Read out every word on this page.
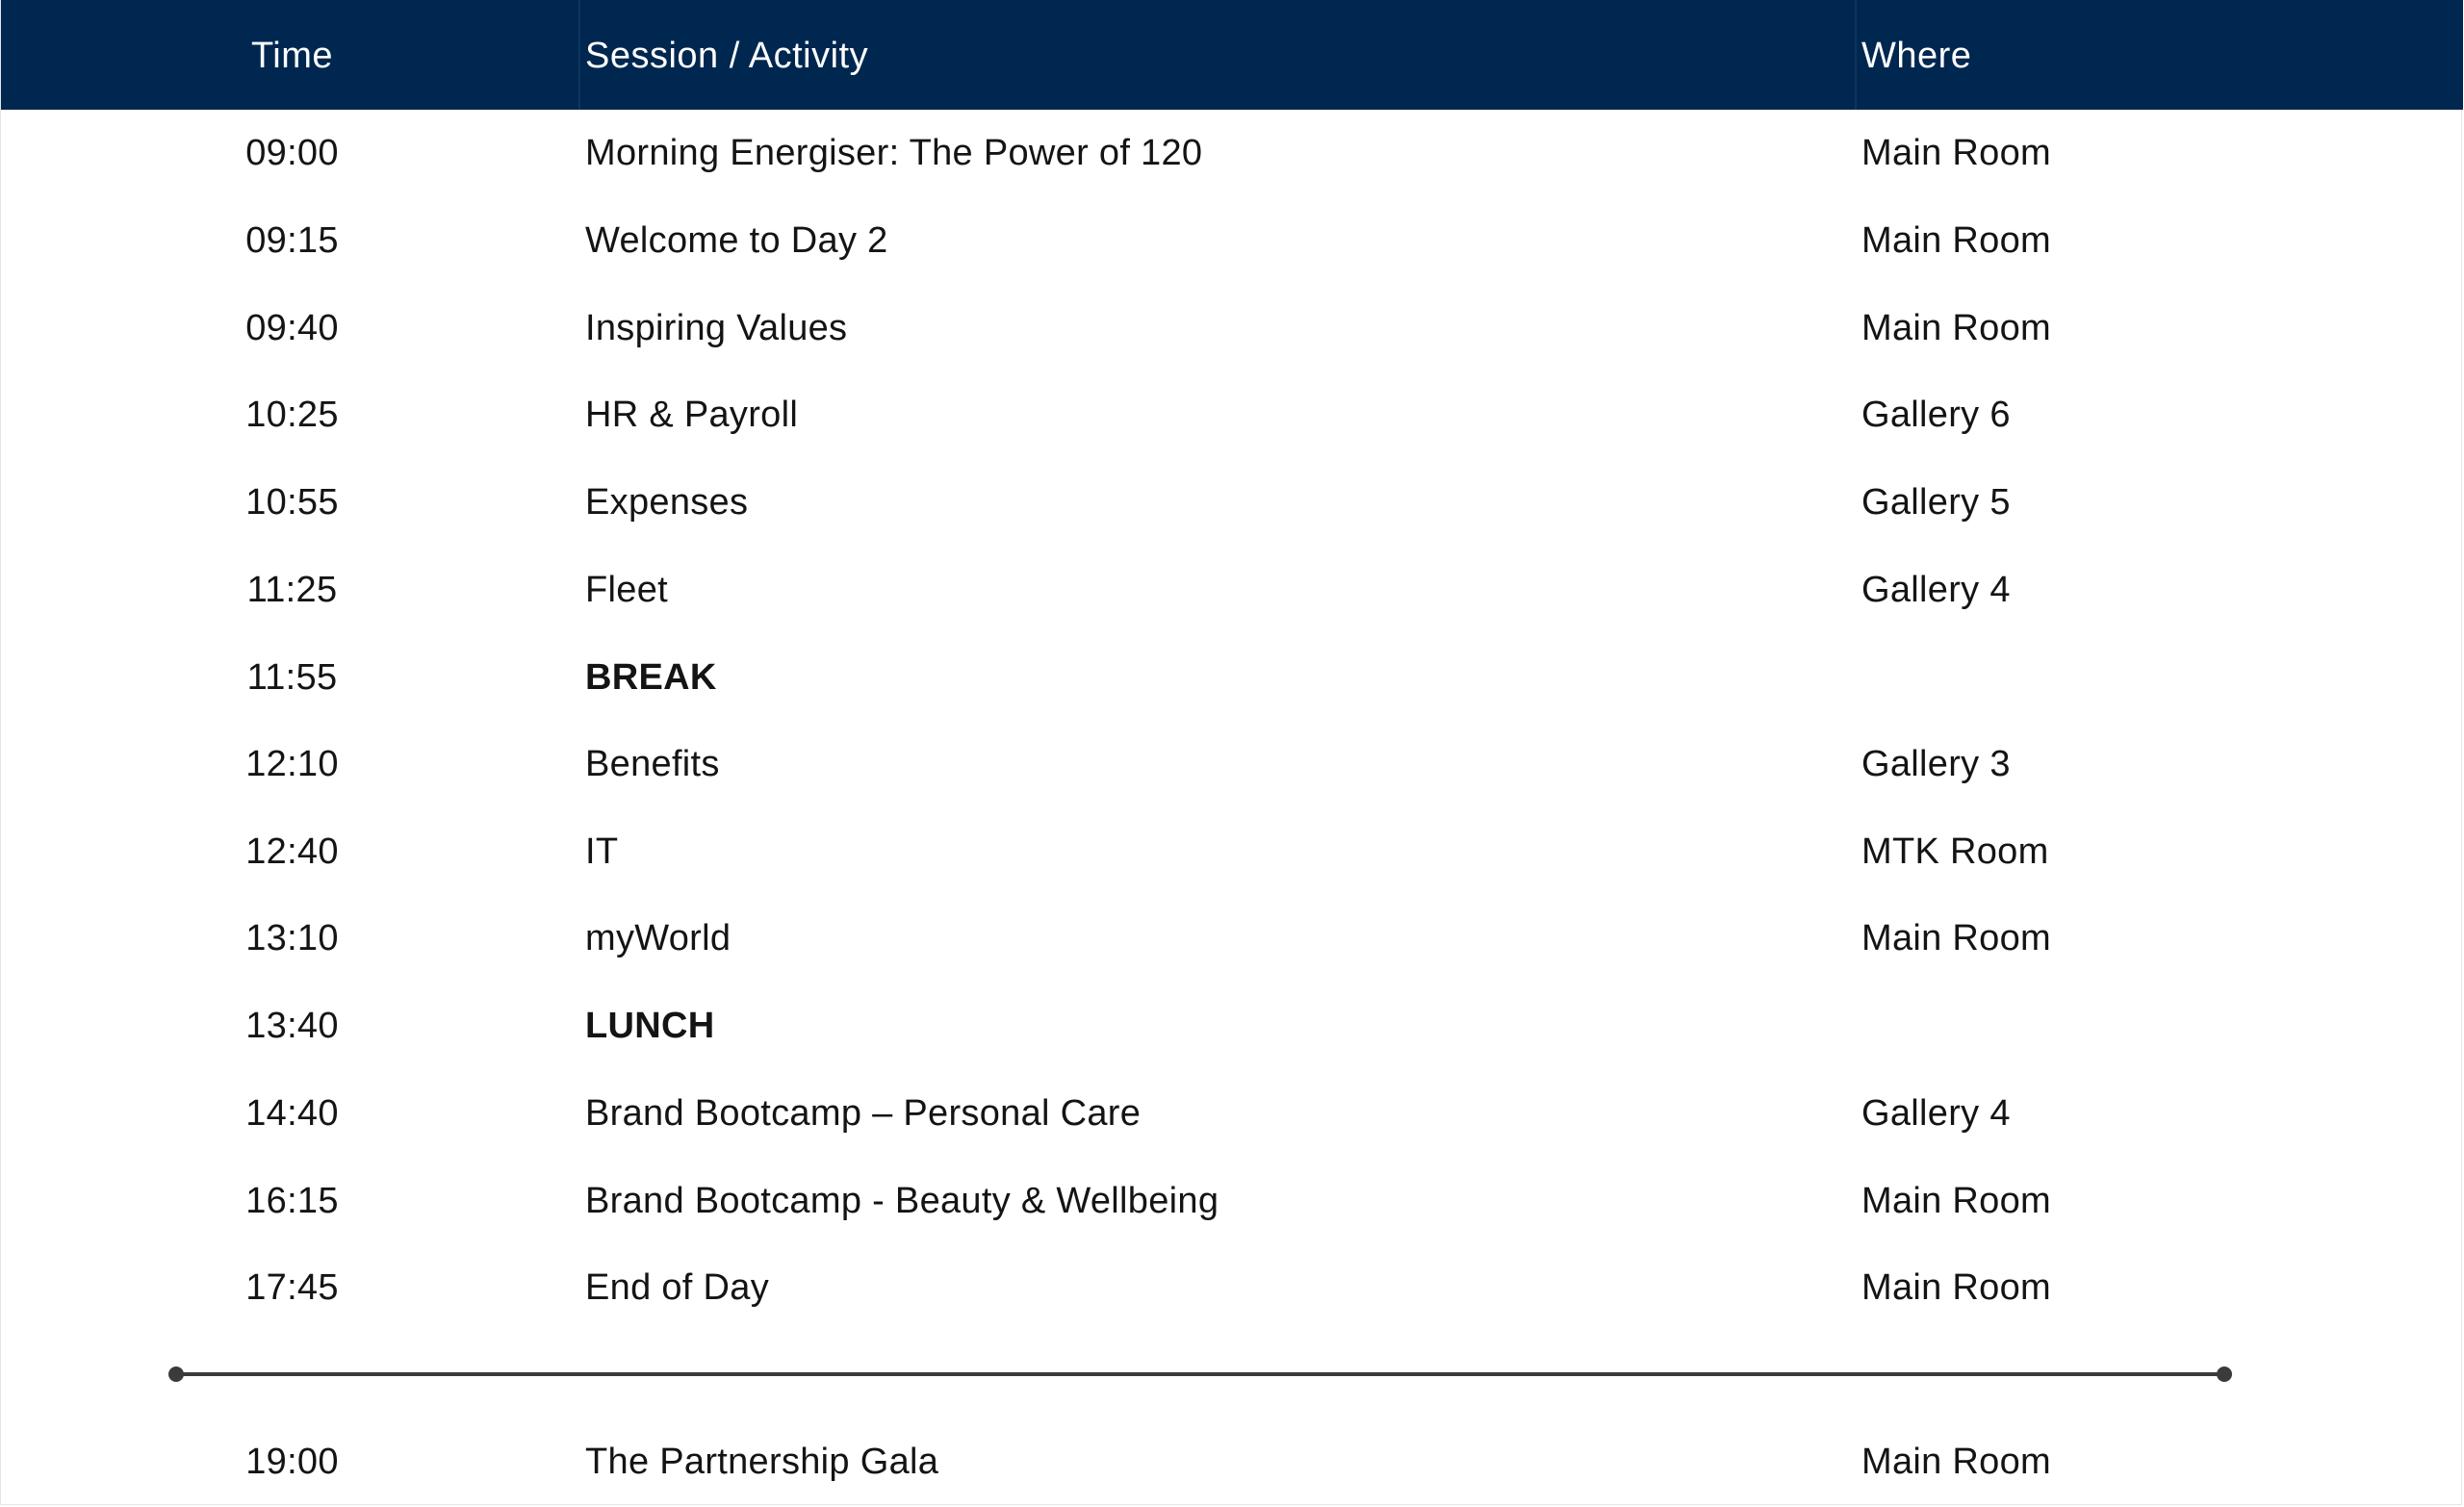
Time	Session / Activity	Where
09:00	Morning Energiser: The Power of 120	Main Room
09:15	Welcome to Day 2	Main Room
09:40	Inspiring Values	Main Room
10:25	HR & Payroll	Gallery 6
10:55	Expenses	Gallery 5
11:25	Fleet	Gallery 4
11:55	BREAK
12:10	Benefits	Gallery 3
12:40	IT	MTK Room
13:10	myWorld	Main Room
13:40	LUNCH
14:40	Brand Bootcamp – Personal Care	Gallery 4
16:15	Brand Bootcamp - Beauty & Wellbeing	Main Room
17:45	End of Day	Main Room
19:00	The Partnership Gala	Main Room
